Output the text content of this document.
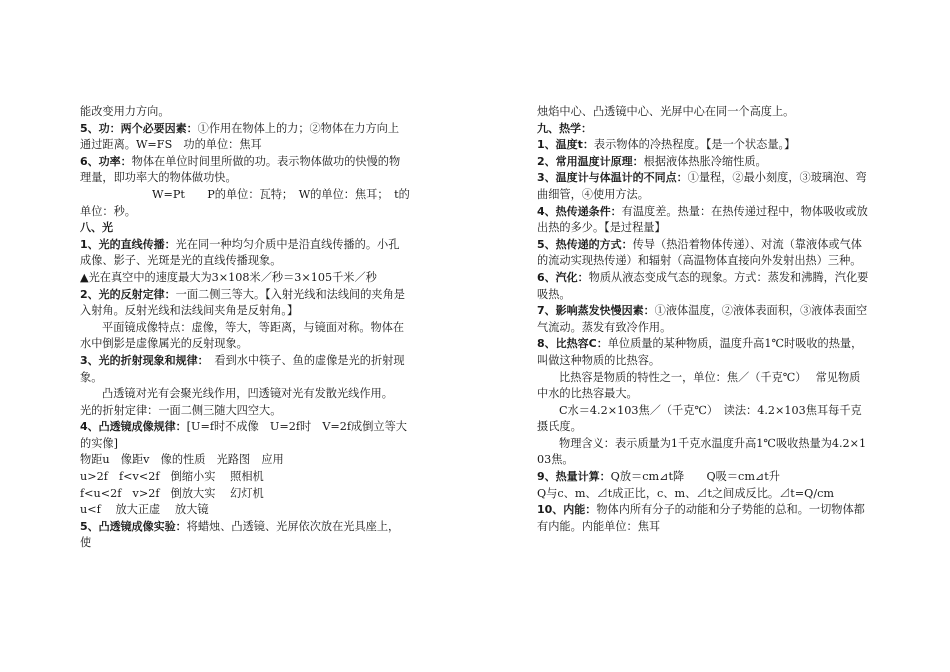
能改变用力方向。

5、功：两个必要因素：①作用在物体上的力；②物体在力方向上通过距离。W=FS　功的单位：焦耳

6、功率：物体在单位时间里所做的功。表示物体做功的快慢的物理量，即功率大的物体做功快。

W=Pt　　P的单位：瓦特；　W的单位：焦耳；　t的单位：秒。

八、光

1、光的直线传播：光在同一种均匀介质中是沿直线传播的。小孔成像、影子、光斑是光的直线传播现象。

▲光在真空中的速度最大为3×108米／秒＝3×105千米／秒

2、光的反射定律：一面二侧三等大。【入射光线和法线间的夹角是入射角。反射光线和法线间夹角是反射角。】

平面镜成像特点：虚像，等大，等距离，与镜面对称。物体在水中倒影是虚像属光的反射现象。

3、光的折射现象和规律：　看到水中筷子、鱼的虚像是光的折射现象。

凸透镜对光有会聚光线作用，凹透镜对光有发散光线作用。

光的折射定律：一面二侧三随大四空大。

4、凸透镜成像规律：[U=f时不成像　U=2f时　V=2f成倒立等大的实像]

物距u　像距v　像的性质　光路图　应用

u>2f　f<v<2f　倒缩小实　 照相机

f<u<2f　v>2f　倒放大实　 幻灯机

u<f　 放大正虚　 放大镜

5、凸透镜成像实验：将蜡烛、凸透镜、光屏依次放在光具座上，使

烛焰中心、凸透镜中心、光屏中心在同一个高度上。

九、热学：

1、温度t：表示物体的冷热程度。【是一个状态量。】

2、常用温度计原理：根据液体热胀冷缩性质。

3、温度计与体温计的不同点：①量程，②最小刻度，③玻璃泡、弯曲细管，④使用方法。

4、热传递条件：有温度差。热量：在热传递过程中，物体吸收或放出热的多少。【是过程量】

5、热传递的方式：传导（热沿着物体传递）、对流（靠液体或气体的流动实现热传递）和辐射（高温物体直接向外发射出热）三种。

6、汽化：物质从液态变成气态的现象。方式：蒸发和沸腾，汽化要吸热。

7、影响蒸发快慢因素：①液体温度，②液体表面积，③液体表面空气流动。蒸发有致冷作用。

8、比热容C：单位质量的某种物质，温度升高1℃时吸收的热量，叫做这种物质的比热容。

比热容是物质的特性之一，单位：焦／（千克℃）　 常见物质中水的比热容最大。

C水＝4.2×103焦／（千克℃）　读法：4.2×103焦耳每千克摄氏度。

物理含义：表示质量为1千克水温度升高1℃吸收热量为4.2×103焦。

9、热量计算：Q放＝cm⊿t降　　Q吸＝cm⊿t升

Q与c、m、⊿t成正比，c、m、⊿t之间成反比。⊿t=Q/cm

10、内能：物体内所有分子的动能和分子势能的总和。一切物体都有内能。内能单位：焦耳
